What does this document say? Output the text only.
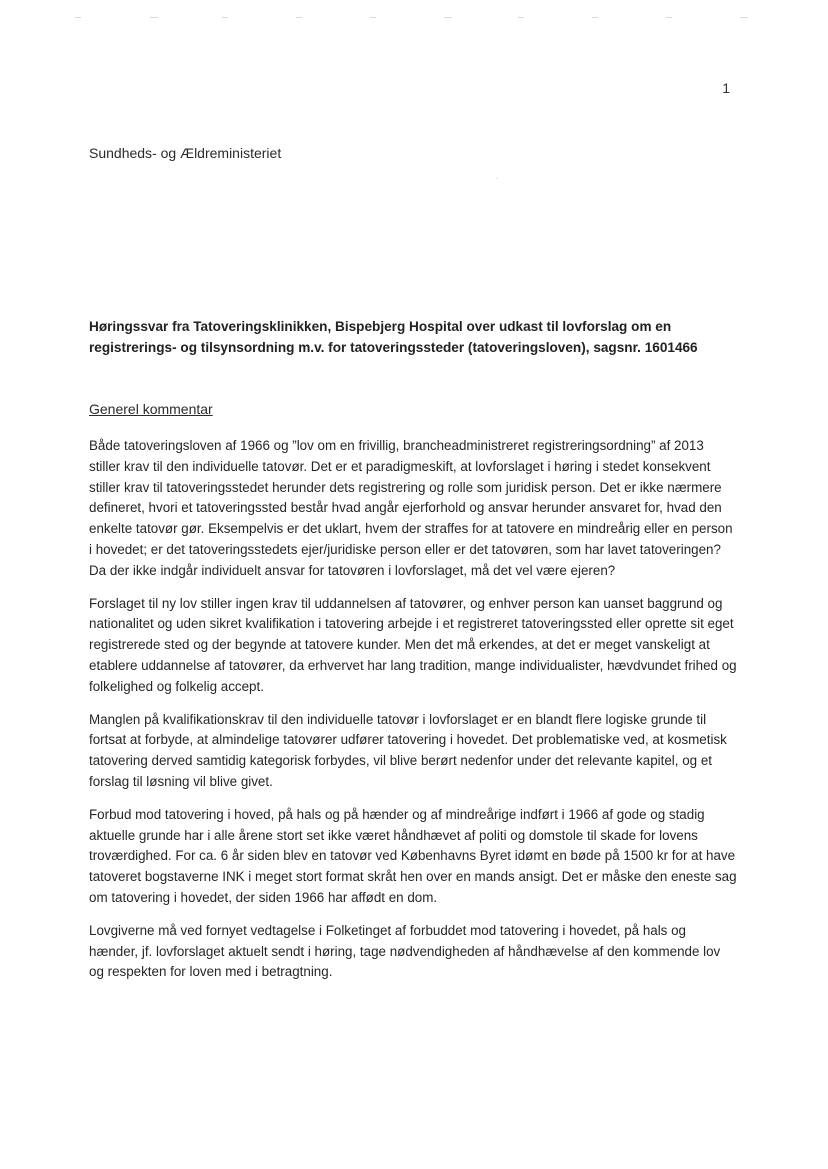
1
Sundheds- og Ældreministeriet
Høringssvar fra Tatoveringsklinikken, Bispebjerg Hospital over udkast til lovforslag om en registrerings- og tilsynsordning m.v. for tatoveringssteder (tatoveringsloven), sagsnr. 1601466
Generel kommentar

Både tatoveringsloven af 1966 og ”lov om en frivillig, brancheadministreret registreringsordning” af 2013 stiller krav til den individuelle tatovør. Det er et paradigmeskift, at lovforslaget i høring i stedet konsekvent stiller krav til tatoveringsstedet herunder dets registrering og rolle som juridisk person. Det er ikke nærmere defineret, hvori et tatoveringssted består hvad angår ejerforhold og ansvar herunder ansvaret for, hvad den enkelte tatovør gør. Eksempelvis er det uklart, hvem der straffes for at tatovere en mindreårig eller en person i hovedet; er det tatoveringsstedets ejer/juridiske person eller er det tatovøren, som har lavet tatoveringen? Da der ikke indgår individuelt ansvar for tatovøren i lovforslaget, må det vel være ejeren?

Forslaget til ny lov stiller ingen krav til uddannelsen af tatovører, og enhver person kan uanset baggrund og nationalitet og uden sikret kvalifikation i tatovering arbejde i et registreret tatoveringssted eller oprette sit eget registrerede sted og der begynde at tatovere kunder. Men det må erkendes, at det er meget vanskeligt at etablere uddannelse af tatovører, da erhvervet har lang tradition, mange individualister, hævdvundet frihed og folkelighed og folkelig accept.

Manglen på kvalifikationskrav til den individuelle tatovør i lovforslaget er en blandt flere logiske grunde til fortsat at forbyde, at almindelige tatovører udfører tatovering i hovedet. Det problematiske ved, at kosmetisk tatovering derved samtidig kategorisk forbydes, vil blive berørt nedenfor under det relevante kapitel, og et forslag til løsning vil blive givet.

Forbud mod tatovering i hoved, på hals og på hænder og af mindreårige indført i 1966 af gode og stadig aktuelle grunde har i alle årene stort set ikke været håndhævet af politi og domstole til skade for lovens troværdighed. For ca. 6 år siden blev en tatovør ved Københavns Byret idømt en bøde på 1500 kr for at have tatoveret bogstaverne INK i meget stort format skråt hen over en mands ansigt. Det er måske den eneste sag om tatovering i hovedet, der siden 1966 har affødt en dom.

Lovgiverne må ved fornyet vedtagelse i Folketinget af forbuddet mod tatovering i hovedet, på hals og hænder, jf. lovforslaget aktuelt sendt i høring, tage nødvendigheden af håndhævelse af den kommende lov og respekten for loven med i betragtning.
